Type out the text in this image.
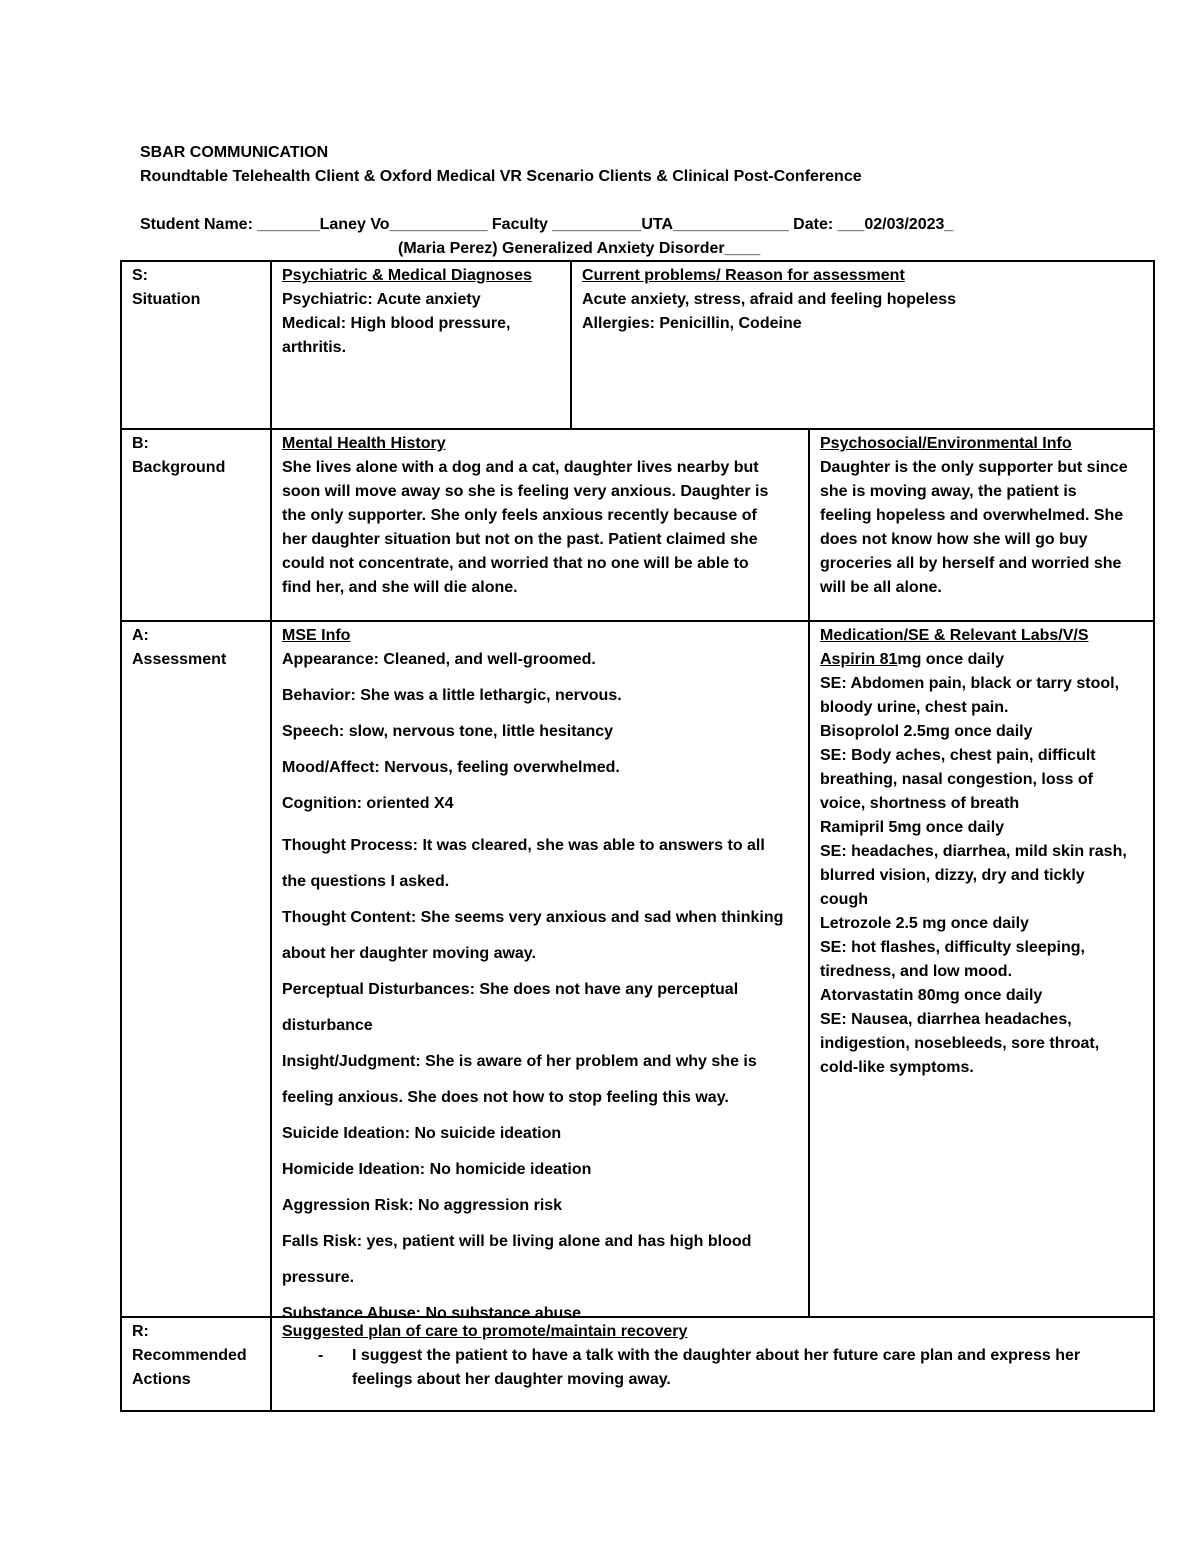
SBAR COMMUNICATION
Roundtable Telehealth Client & Oxford Medical VR Scenario Clients & Clinical Post-Conference
Student Name: _______Laney Vo___________ Faculty __________UTA_____________ Date: ___02/03/2023_
(Maria Perez) Generalized Anxiety Disorder____
S:
Situation
Psychiatric & Medical Diagnoses
Psychiatric: Acute anxiety
Medical: High blood pressure,
arthritis.
Current problems/ Reason for assessment
Acute anxiety, stress, afraid and feeling hopeless
Allergies: Penicillin, Codeine
B:
Background
Mental Health History
She lives alone with a dog and a cat, daughter lives nearby but
soon will move away so she is feeling very anxious. Daughter is
the only supporter. She only feels anxious recently because of
her daughter situation but not on the past. Patient claimed she
could not concentrate, and worried that no one will be able to
find her, and she will die alone.
Psychosocial/Environmental Info
Daughter is the only supporter but since
she is moving away, the patient is
feeling hopeless and overwhelmed. She
does not know how she will go buy
groceries all by herself and worried she
will be all alone.
A:
Assessment
MSE Info
Appearance: Cleaned, and well-groomed.
Behavior: She was a little lethargic, nervous.
Speech: slow, nervous tone, little hesitancy
Mood/Affect: Nervous, feeling overwhelmed.
Cognition: oriented X4
Thought Process: It was cleared, she was able to answers to all
the questions I asked.
Thought Content: She seems very anxious and sad when thinking
about her daughter moving away.
Perceptual Disturbances: She does not have any perceptual
disturbance
Insight/Judgment: She is aware of her problem and why she is
feeling anxious. She does not how to stop feeling this way.
Suicide Ideation: No suicide ideation
Homicide Ideation: No homicide ideation
Aggression Risk: No aggression risk
Falls Risk: yes, patient will be living alone and has high blood
pressure.
Substance Abuse: No substance abuse
Medication/SE & Relevant Labs/V/S
Aspirin 81mg once daily
SE: Abdomen pain, black or tarry stool,
bloody urine, chest pain.
Bisoprolol 2.5mg once daily
SE: Body aches, chest pain, difficult
breathing, nasal congestion, loss of
voice, shortness of breath
Ramipril 5mg once daily
SE: headaches, diarrhea, mild skin rash,
blurred vision, dizzy, dry and tickly
cough
Letrozole 2.5 mg once daily
SE: hot flashes, difficulty sleeping,
tiredness, and low mood.
Atorvastatin 80mg once daily
SE: Nausea, diarrhea headaches,
indigestion, nosebleeds, sore throat,
cold-like symptoms.
R:
Recommended
Actions
Suggested plan of care to promote/maintain recovery
- I suggest the patient to have a talk with the daughter about her future care plan and express her
feelings about her daughter moving away.
